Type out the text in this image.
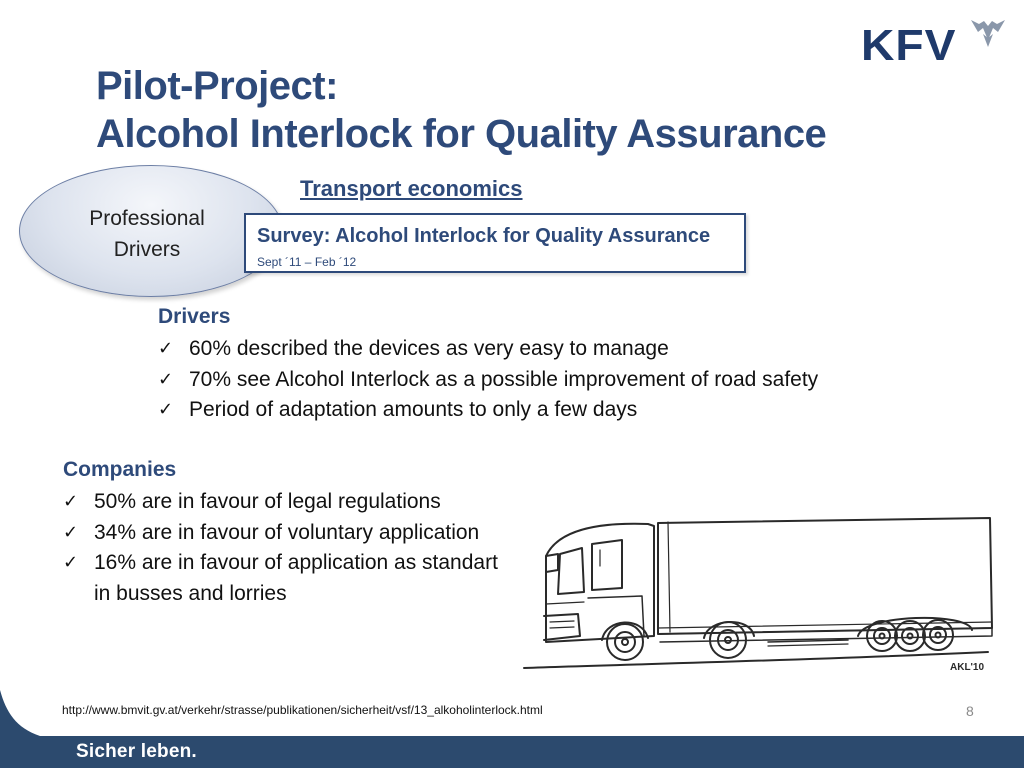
KFV
Pilot-Project:
Alcohol Interlock for Quality Assurance
Professional
Drivers
Transport economics
Survey: Alcohol Interlock for Quality Assurance
Sept ´11 – Feb ´12
Drivers
✓ 60% described the devices as very easy to manage
✓ 70% see Alcohol Interlock as a possible improvement of road safety
✓ Period of adaptation amounts to only a few days
Companies
✓ 50% are in favour of legal regulations
✓ 34% are in favour of voluntary application
✓ 16% are in favour of application as standart in busses and lorries
AKL'10
http://www.bmvit.gv.at/verkehr/strasse/publikationen/sicherheit/vsf/13_alkoholinterlock.html	8
Sicher leben.
